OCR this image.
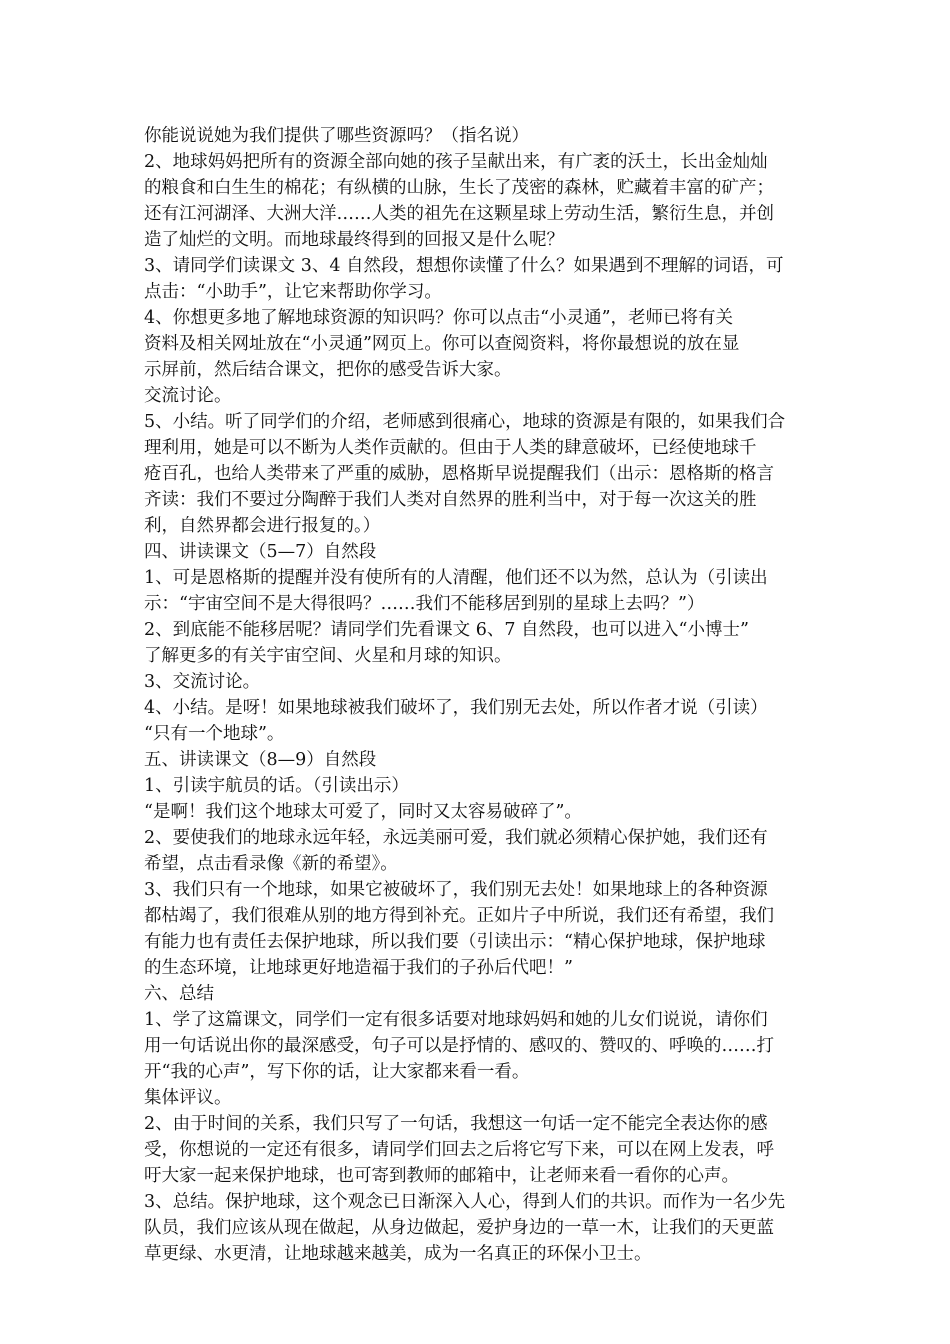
你能说说她为我们提供了哪些资源吗？（指名说）
2、地球妈妈把所有的资源全部向她的孩子呈献出来，有广袤的沃土，长出金灿灿
的粮食和白生生的棉花；有纵横的山脉，生长了茂密的森林，贮藏着丰富的矿产；
还有江河湖泽、大洲大洋……人类的祖先在这颗星球上劳动生活，繁衍生息，并创
造了灿烂的文明。而地球最终得到的回报又是什么呢？
3、请同学们读课文 3、4 自然段，想想你读懂了什么？如果遇到不理解的词语，可
点击：“小助手”，让它来帮助你学习。
4、你想更多地了解地球资源的知识吗？你可以点击“小灵通”，老师已将有关
资料及相关网址放在“小灵通”网页上。你可以查阅资料，将你最想说的放在显
示屏前，然后结合课文，把你的感受告诉大家。
交流讨论。
5、小结。听了同学们的介绍，老师感到很痛心，地球的资源是有限的，如果我们合
理利用，她是可以不断为人类作贡献的。但由于人类的肆意破坏，已经使地球千
疮百孔，也给人类带来了严重的威胁，恩格斯早说提醒我们（出示：恩格斯的格言
齐读：我们不要过分陶醉于我们人类对自然界的胜利当中，对于每一次这关的胜
利，自然界都会进行报复的。）
四、讲读课文（5—7）自然段
1、可是恩格斯的提醒并没有使所有的人清醒，他们还不以为然，总认为（引读出
示：“宇宙空间不是大得很吗？……我们不能移居到别的星球上去吗？”）
2、到底能不能移居呢？请同学们先看课文 6、7 自然段，也可以进入“小博士”
了解更多的有关宇宙空间、火星和月球的知识。
3、交流讨论。
4、小结。是呀！如果地球被我们破坏了，我们别无去处，所以作者才说（引读）
“只有一个地球”。
五、讲读课文（8—9）自然段
1、引读宇航员的话。（引读出示）
“是啊！我们这个地球太可爱了，同时又太容易破碎了”。
2、要使我们的地球永远年轻，永远美丽可爱，我们就必须精心保护她，我们还有
希望，点击看录像《新的希望》。
3、我们只有一个地球，如果它被破坏了，我们别无去处！如果地球上的各种资源
都枯竭了，我们很难从别的地方得到补充。正如片子中所说，我们还有希望，我们
有能力也有责任去保护地球，所以我们要（引读出示：“精心保护地球，保护地球
的生态环境，让地球更好地造福于我们的子孙后代吧！”
六、总结
1、学了这篇课文，同学们一定有很多话要对地球妈妈和她的儿女们说说，请你们
用一句话说出你的最深感受，句子可以是抒情的、感叹的、赞叹的、呼唤的……打
开“我的心声”，写下你的话，让大家都来看一看。
集体评议。
2、由于时间的关系，我们只写了一句话，我想这一句话一定不能完全表达你的感
受，你想说的一定还有很多，请同学们回去之后将它写下来，可以在网上发表，呼
吁大家一起来保护地球，也可寄到教师的邮箱中，让老师来看一看你的心声。
3、总结。保护地球，这个观念已日渐深入人心，得到人们的共识。而作为一名少先
队员，我们应该从现在做起，从身边做起，爱护身边的一草一木，让我们的天更蓝
草更绿、水更清，让地球越来越美，成为一名真正的环保小卫士。
